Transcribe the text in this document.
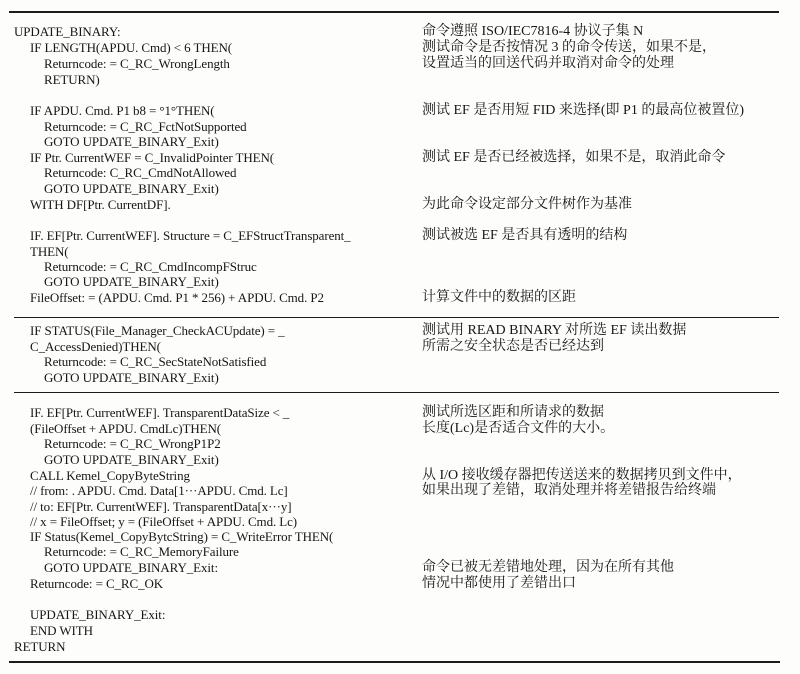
UPDATE_BINARY:
IF LENGTH(APDU. Cmd) < 6 THEN(
Returncode: = C_RC_WrongLength
RETURN)
IF APDU. Cmd. P1 b8 = °1°THEN(
Returncode: = C_RC_FctNotSupported
GOTO UPDATE_BINARY_Exit)
IF Ptr. CurrentWEF = C_InvalidPointer THEN(
Returncode: C_RC_CmdNotAllowed
GOTO UPDATE_BINARY_Exit)
WITH DF[Ptr. CurrentDF].
IF. EF[Ptr. CurrentWEF]. Structure = C_EFStructTransparent_
THEN(
Returncode: = C_RC_CmdIncompFStruc
GOTO UPDATE_BINARY_Exit)
FileOffset: = (APDU. Cmd. P1 * 256) + APDU. Cmd. P2
命令遵照 ISO/IEC7816-4 协议子集 N
测试命令是否按情况 3 的命令传送，如果不是，
设置适当的回送代码并取消对命令的处理
测试 EF 是否用短 FID 来选择(即 P1 的最高位被置位)
测试 EF 是否已经被选择，如果不是，取消此命令
为此命令设定部分文件树作为基准
测试被选 EF 是否具有透明的结构
计算文件中的数据的区距
IF STATUS(File_Manager_CheckACUpdate) = _
C_AccessDenied)THEN(
Returncode: = C_RC_SecStateNotSatisfied
GOTO UPDATE_BINARY_Exit)
测试用 READ BINARY 对所选 EF 读出数据
所需之安全状态是否已经达到
IF. EF[Ptr. CurrentWEF]. TransparentDataSize < _
(FileOffset + APDU. CmdLc)THEN(
Returncode: = C_RC_WrongP1P2
GOTO UPDATE_BINARY_Exit)
CALL Kemel_CopyByteString
// from: . APDU. Cmd. Data[1···APDU. Cmd. Lc]
// to: EF[Ptr. CurrentWEF]. TransparentData[x···y]
// x = FileOffset; y = (FileOffset + APDU. Cmd. Lc)
IF Status(Kemel_CopyBytcString) = C_WriteError THEN(
Returncode: = C_RC_MemoryFailure
GOTO UPDATE_BINARY_Exit:
Returncode: = C_RC_OK
UPDATE_BINARY_Exit:
END WITH
RETURN
测试所选区距和所请求的数据
长度(Lc)是否适合文件的大小。
从 I/O 接收缓存器把传送送来的数据拷贝到文件中，
如果出现了差错，取消处理并将差错报告给终端
命令已被无差错地处理，因为在所有其他
情况中都使用了差错出口
